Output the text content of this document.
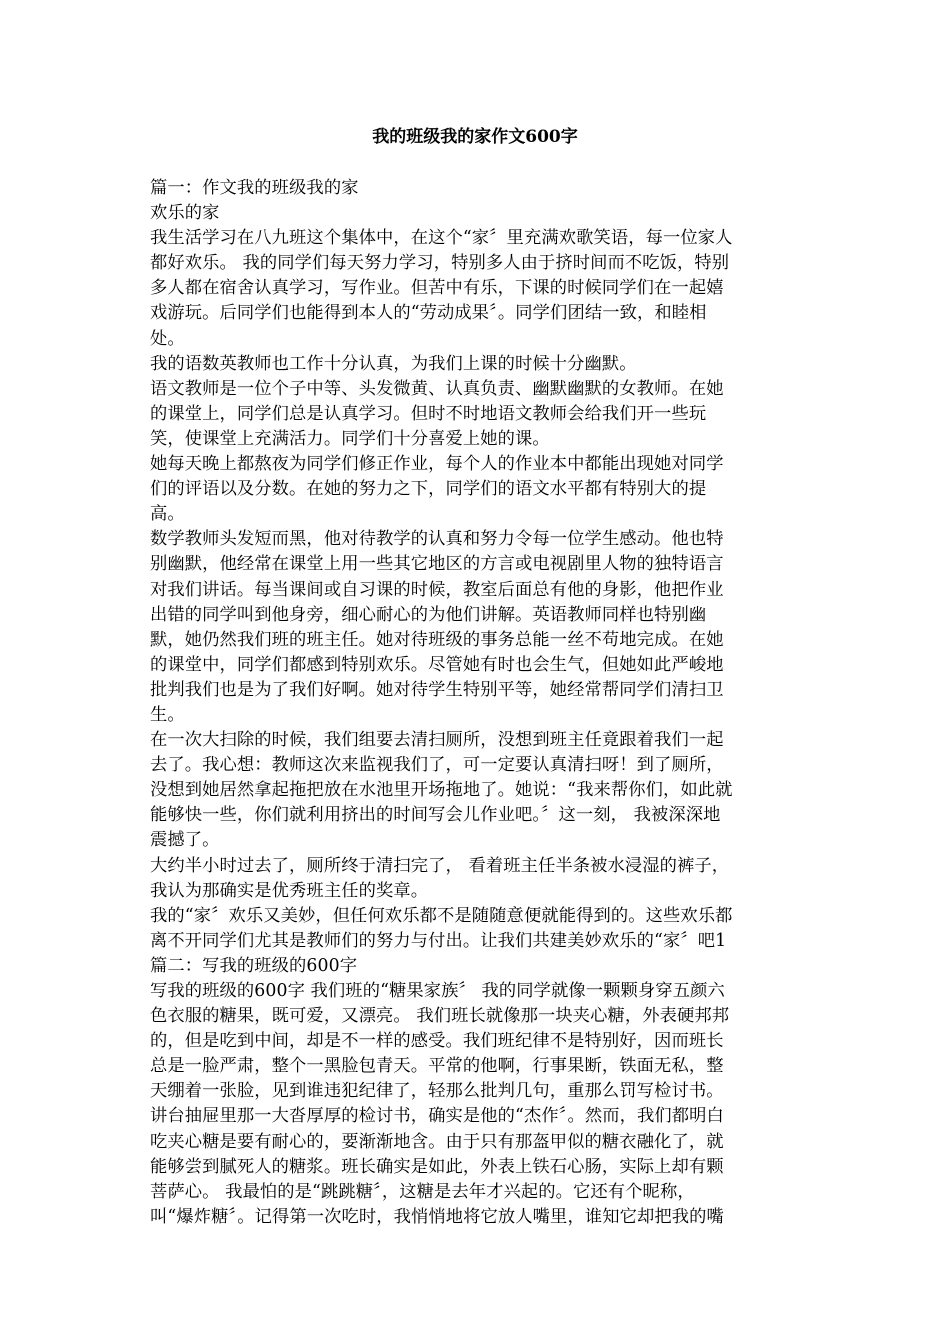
我的班级我的家作文600字
篇一：作文我的班级我的家
欢乐的家
我生活学习在八九班这个集体中，在这个“家〞里充满欢歌笑语，每一位家人
都好欢乐。 我的同学们每天努力学习，特别多人由于挤时间而不吃饭，特别
多人都在宿舍认真学习，写作业。但苦中有乐，下课的时候同学们在一起嬉
戏游玩。后同学们也能得到本人的“劳动成果〞。同学们团结一致，和睦相
处。
我的语数英教师也工作十分认真，为我们上课的时候十分幽默。
语文教师是一位个子中等、头发微黄、认真负责、幽默幽默的女教师。在她
的课堂上，同学们总是认真学习。但时不时地语文教师会给我们开一些玩
笑，使课堂上充满活力。同学们十分喜爱上她的课。
她每天晚上都熬夜为同学们修正作业，每个人的作业本中都能出现她对同学
们的评语以及分数。在她的努力之下，同学们的语文水平都有特别大的提
高。
数学教师头发短而黑，他对待教学的认真和努力令每一位学生感动。他也特
别幽默，他经常在课堂上用一些其它地区的方言或电视剧里人物的独特语言
对我们讲话。每当课间或自习课的时候，教室后面总有他的身影，他把作业
出错的同学叫到他身旁，细心耐心的为他们讲解。英语教师同样也特别幽
默，她仍然我们班的班主任。她对待班级的事务总能一丝不苟地完成。在她
的课堂中，同学们都感到特别欢乐。尽管她有时也会生气，但她如此严峻地
批判我们也是为了我们好啊。她对待学生特别平等，她经常帮同学们清扫卫
生。
在一次大扫除的时候，我们组要去清扫厕所，没想到班主任竟跟着我们一起
去了。我心想：教师这次来监视我们了，可一定要认真清扫呀！到了厕所，
没想到她居然拿起拖把放在水池里开场拖地了。她说：“我来帮你们，如此就
能够快一些，你们就利用挤出的时间写会儿作业吧。〞这一刻， 我被深深地
震撼了。
大约半小时过去了，厕所终于清扫完了， 看着班主任半条被水浸湿的裤子，
我认为那确实是优秀班主任的奖章。
我的“家〞欢乐又美妙，但任何欢乐都不是随随意便就能得到的。这些欢乐都
离不开同学们尤其是教师们的努力与付出。让我们共建美妙欢乐的“家〞吧1
篇二：写我的班级的600字
写我的班级的600字 我们班的“糖果家族〞 我的同学就像一颗颗身穿五颜六
色衣服的糖果，既可爱，又漂亮。 我们班长就像那一块夹心糖，外表硬邦邦
的，但是吃到中间，却是不一样的感受。我们班纪律不是特别好，因而班长
总是一脸严肃，整个一黑脸包青天。平常的他啊，行事果断，铁面无私，整
天绷着一张脸，见到谁违犯纪律了，轻那么批判几句，重那么罚写检讨书。
讲台抽屉里那一大沓厚厚的检讨书，确实是他的“杰作〞。然而，我们都明白
吃夹心糖是要有耐心的，要渐渐地含。由于只有那盔甲似的糖衣融化了，就
能够尝到腻死人的糖浆。班长确实是如此，外表上铁石心肠，实际上却有颗
菩萨心。 我最怕的是“跳跳糖〞，这糖是去年才兴起的。它还有个昵称，
叫“爆炸糖〞。记得第一次吃时，我悄悄地将它放人嘴里，谁知它却把我的嘴
